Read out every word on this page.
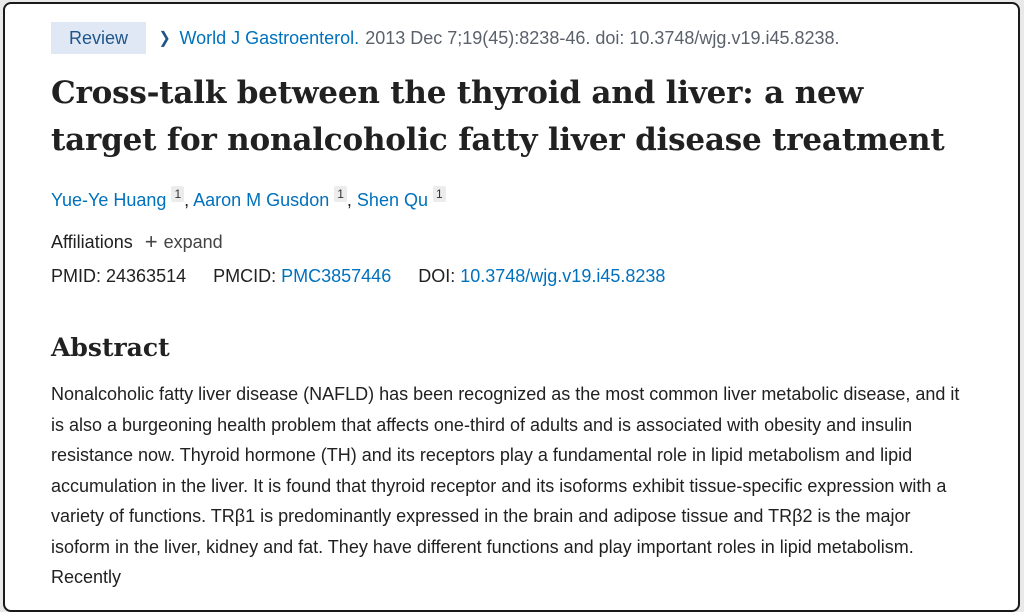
Review	❯ World J Gastroenterol. 2013 Dec 7;19(45):8238-46. doi: 10.3748/wjg.v19.i45.8238.
Cross-talk between the thyroid and liver: a new
target for nonalcoholic fatty liver disease treatment
Yue-Ye Huang 1 , Aaron M Gusdon 1 , Shen Qu 1
Affiliations + expand
PMID: 24363514 PMCID: PMC3857446 DOI: 10.3748/wjg.v19.i45.8238
Abstract
Nonalcoholic fatty liver disease (NAFLD) has been recognized as the most common liver metabolic disease, and it is also a burgeoning health problem that affects one-third of adults and is associated with obesity and insulin resistance now. Thyroid hormone (TH) and its receptors play a fundamental role in lipid metabolism and lipid accumulation in the liver. It is found that thyroid receptor and its isoforms exhibit tissue-specific expression with a variety of functions. TRβ1 is predominantly expressed in the brain and adipose tissue and TRβ2 is the major isoform in the liver, kidney and fat. They have different functions and play important roles in lipid metabolism. Recently
